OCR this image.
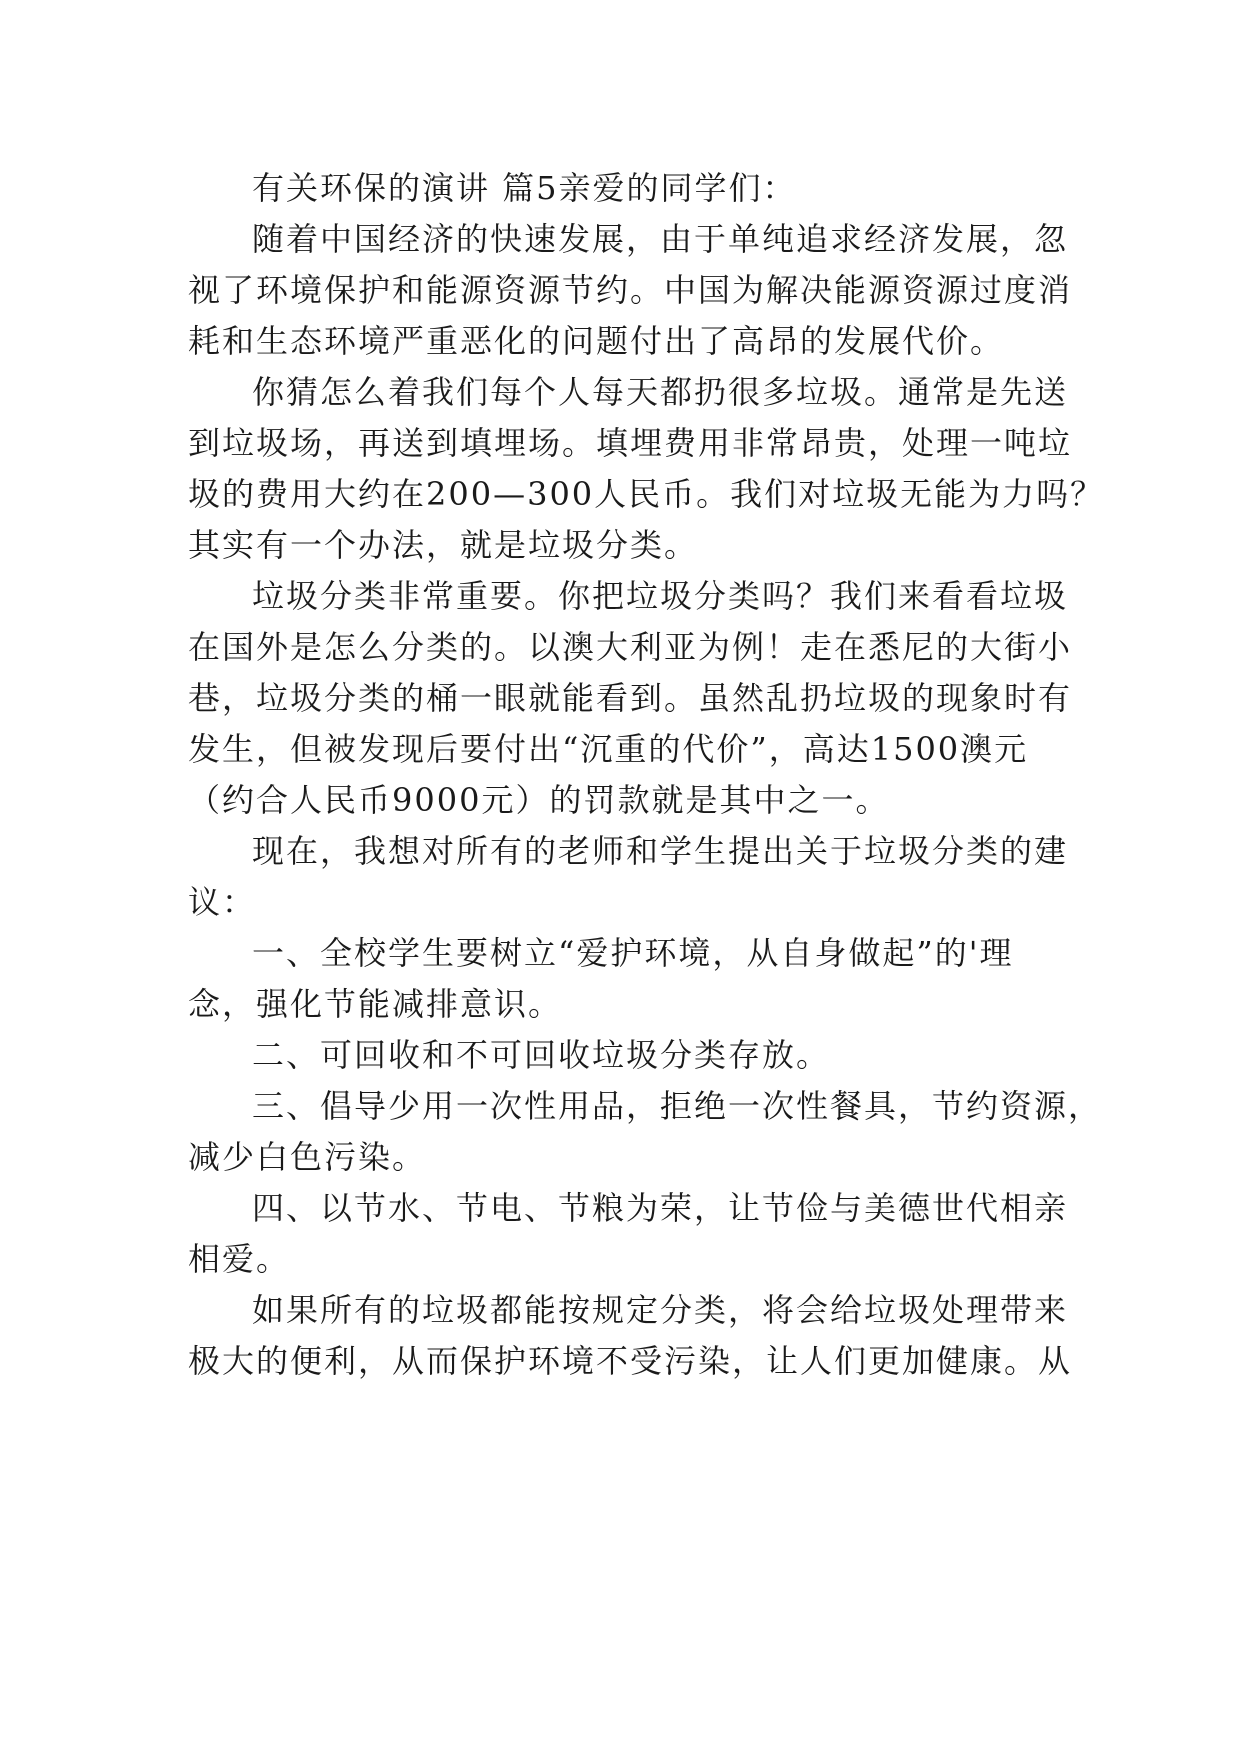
有关环保的演讲 篇5亲爱的同学们：
随着中国经济的快速发展，由于单纯追求经济发展，忽
视了环境保护和能源资源节约。中国为解决能源资源过度消
耗和生态环境严重恶化的问题付出了高昂的发展代价。
你猜怎么着我们每个人每天都扔很多垃圾。通常是先送
到垃圾场，再送到填埋场。填埋费用非常昂贵，处理一吨垃
圾的费用大约在200—300人民币。我们对垃圾无能为力吗？
其实有一个办法，就是垃圾分类。
垃圾分类非常重要。你把垃圾分类吗？我们来看看垃圾
在国外是怎么分类的。以澳大利亚为例！走在悉尼的大街小
巷，垃圾分类的桶一眼就能看到。虽然乱扔垃圾的现象时有
发生，但被发现后要付出“沉重的代价”，高达1500澳元
（约合人民币9000元）的罚款就是其中之一。
现在，我想对所有的老师和学生提出关于垃圾分类的建
议：
一、全校学生要树立“爱护环境，从自身做起”的'理
念，强化节能减排意识。
二、可回收和不可回收垃圾分类存放。
三、倡导少用一次性用品，拒绝一次性餐具，节约资源，
减少白色污染。
四、以节水、节电、节粮为荣，让节俭与美德世代相亲
相爱。
如果所有的垃圾都能按规定分类，将会给垃圾处理带来
极大的便利，从而保护环境不受污染，让人们更加健康。从
